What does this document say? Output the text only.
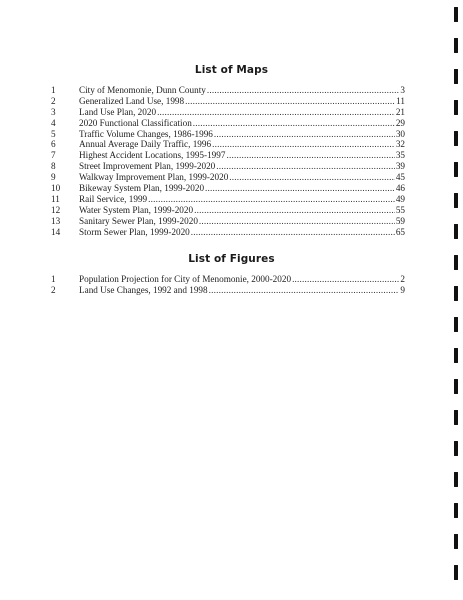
List of Maps
1	City of Menomonie, Dunn County .....	3
2	Generalized Land Use, 1998 .....	11
3	Land Use Plan, 2020 .....	21
4	2020 Functional Classification .....	29
5	Traffic Volume Changes, 1986-1996 .....	30
6	Annual Average Daily Traffic, 1996 .....	32
7	Highest Accident Locations, 1995-1997 .....	35
8	Street Improvement Plan, 1999-2020 .....	39
9	Walkway Improvement Plan, 1999-2020 .....	45
10	Bikeway System Plan, 1999-2020 .....	46
11	Rail Service, 1999 .....	49
12	Water System Plan, 1999-2020 .....	55
13	Sanitary Sewer Plan, 1999-2020 .....	59
14	Storm Sewer Plan, 1999-2020 .....	65
List of Figures
1	Population Projection for City of Menomonie, 2000-2020 .....	2
2	Land Use Changes, 1992 and 1998 .....	9
